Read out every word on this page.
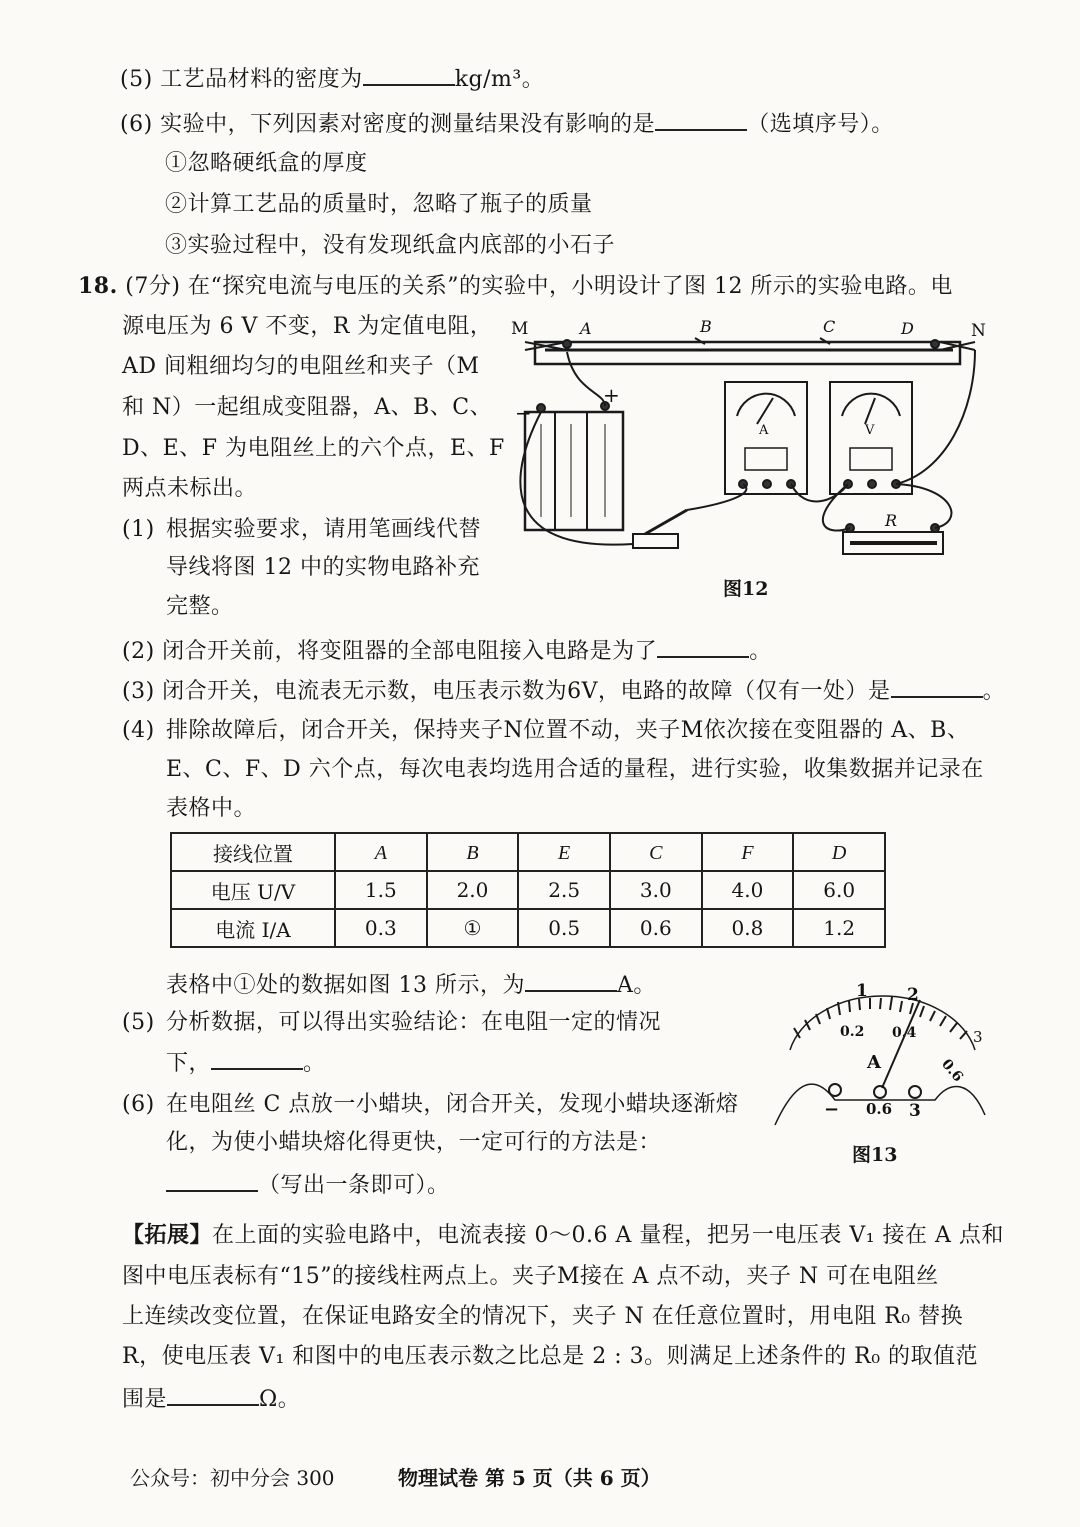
(5) 工艺品材料的密度为	kg/m³。
(6) 实验中，下列因素对密度的测量结果没有影响的是	（选填序号）。
①忽略硬纸盒的厚度
②计算工艺品的质量时，忽略了瓶子的质量
③实验过程中，没有发现纸盒内底部的小石子
18. (7分) 在“探究电流与电压的关系”的实验中，小明设计了图 12 所示的实验电路。电
源电压为 6 V 不变，R 为定值电阻，
AD 间粗细均匀的电阻丝和夹子（M
和 N）一起组成变阻器，A、B、C、
D、E、F 为电阻丝上的六个点，E、F
两点未标出。
(1) 根据实验要求，请用笔画线代替
导线将图 12 中的实物电路补充
完整。
M	A	B	C	D	N
−
+
A	V
R
图12
(2) 闭合开关前，将变阻器的全部电阻接入电路是为了	。
(3) 闭合开关，电流表无示数，电压表示数为6V，电路的故障（仅有一处）是	。
(4) 排除故障后，闭合开关，保持夹子N位置不动，夹子M依次接在变阻器的 A、B、
E、C、F、D 六个点，每次电表均选用合适的量程，进行实验，收集数据并记录在
表格中。
接线位置	A	B	E	C	F	D
电压 U/V	1.5	2.0	2.5	3.0	4.0	6.0
电流 I/A	0.3	①	0.5	0.6	0.8	1.2
表格中①处的数据如图 13 所示，为	A。
(5) 分析数据，可以得出实验结论：在电阻一定的情况
下，	。
(6) 在电阻丝 C 点放一小蜡块，闭合开关，发现小蜡块逐渐熔
化，为使小蜡块熔化得更快，一定可行的方法是：
（写出一条即可）。
1 2
3
0.2 0.4
0.6
A
− 0.6 3
图13
【拓展】在上面的实验电路中，电流表接 0～0.6 A 量程，把另一电压表 V₁ 接在 A 点和
图中电压表标有“15”的接线柱两点上。夹子M接在 A 点不动，夹子 N 可在电阻丝
上连续改变位置，在保证电路安全的情况下，夹子 N 在任意位置时，用电阻 R₀ 替换
R，使电压表 V₁ 和图中的电压表示数之比总是 2 : 3。则满足上述条件的 R₀ 的取值范
围是	Ω。
公众号：初中分会 300	物理试卷 第 5 页（共 6 页）
